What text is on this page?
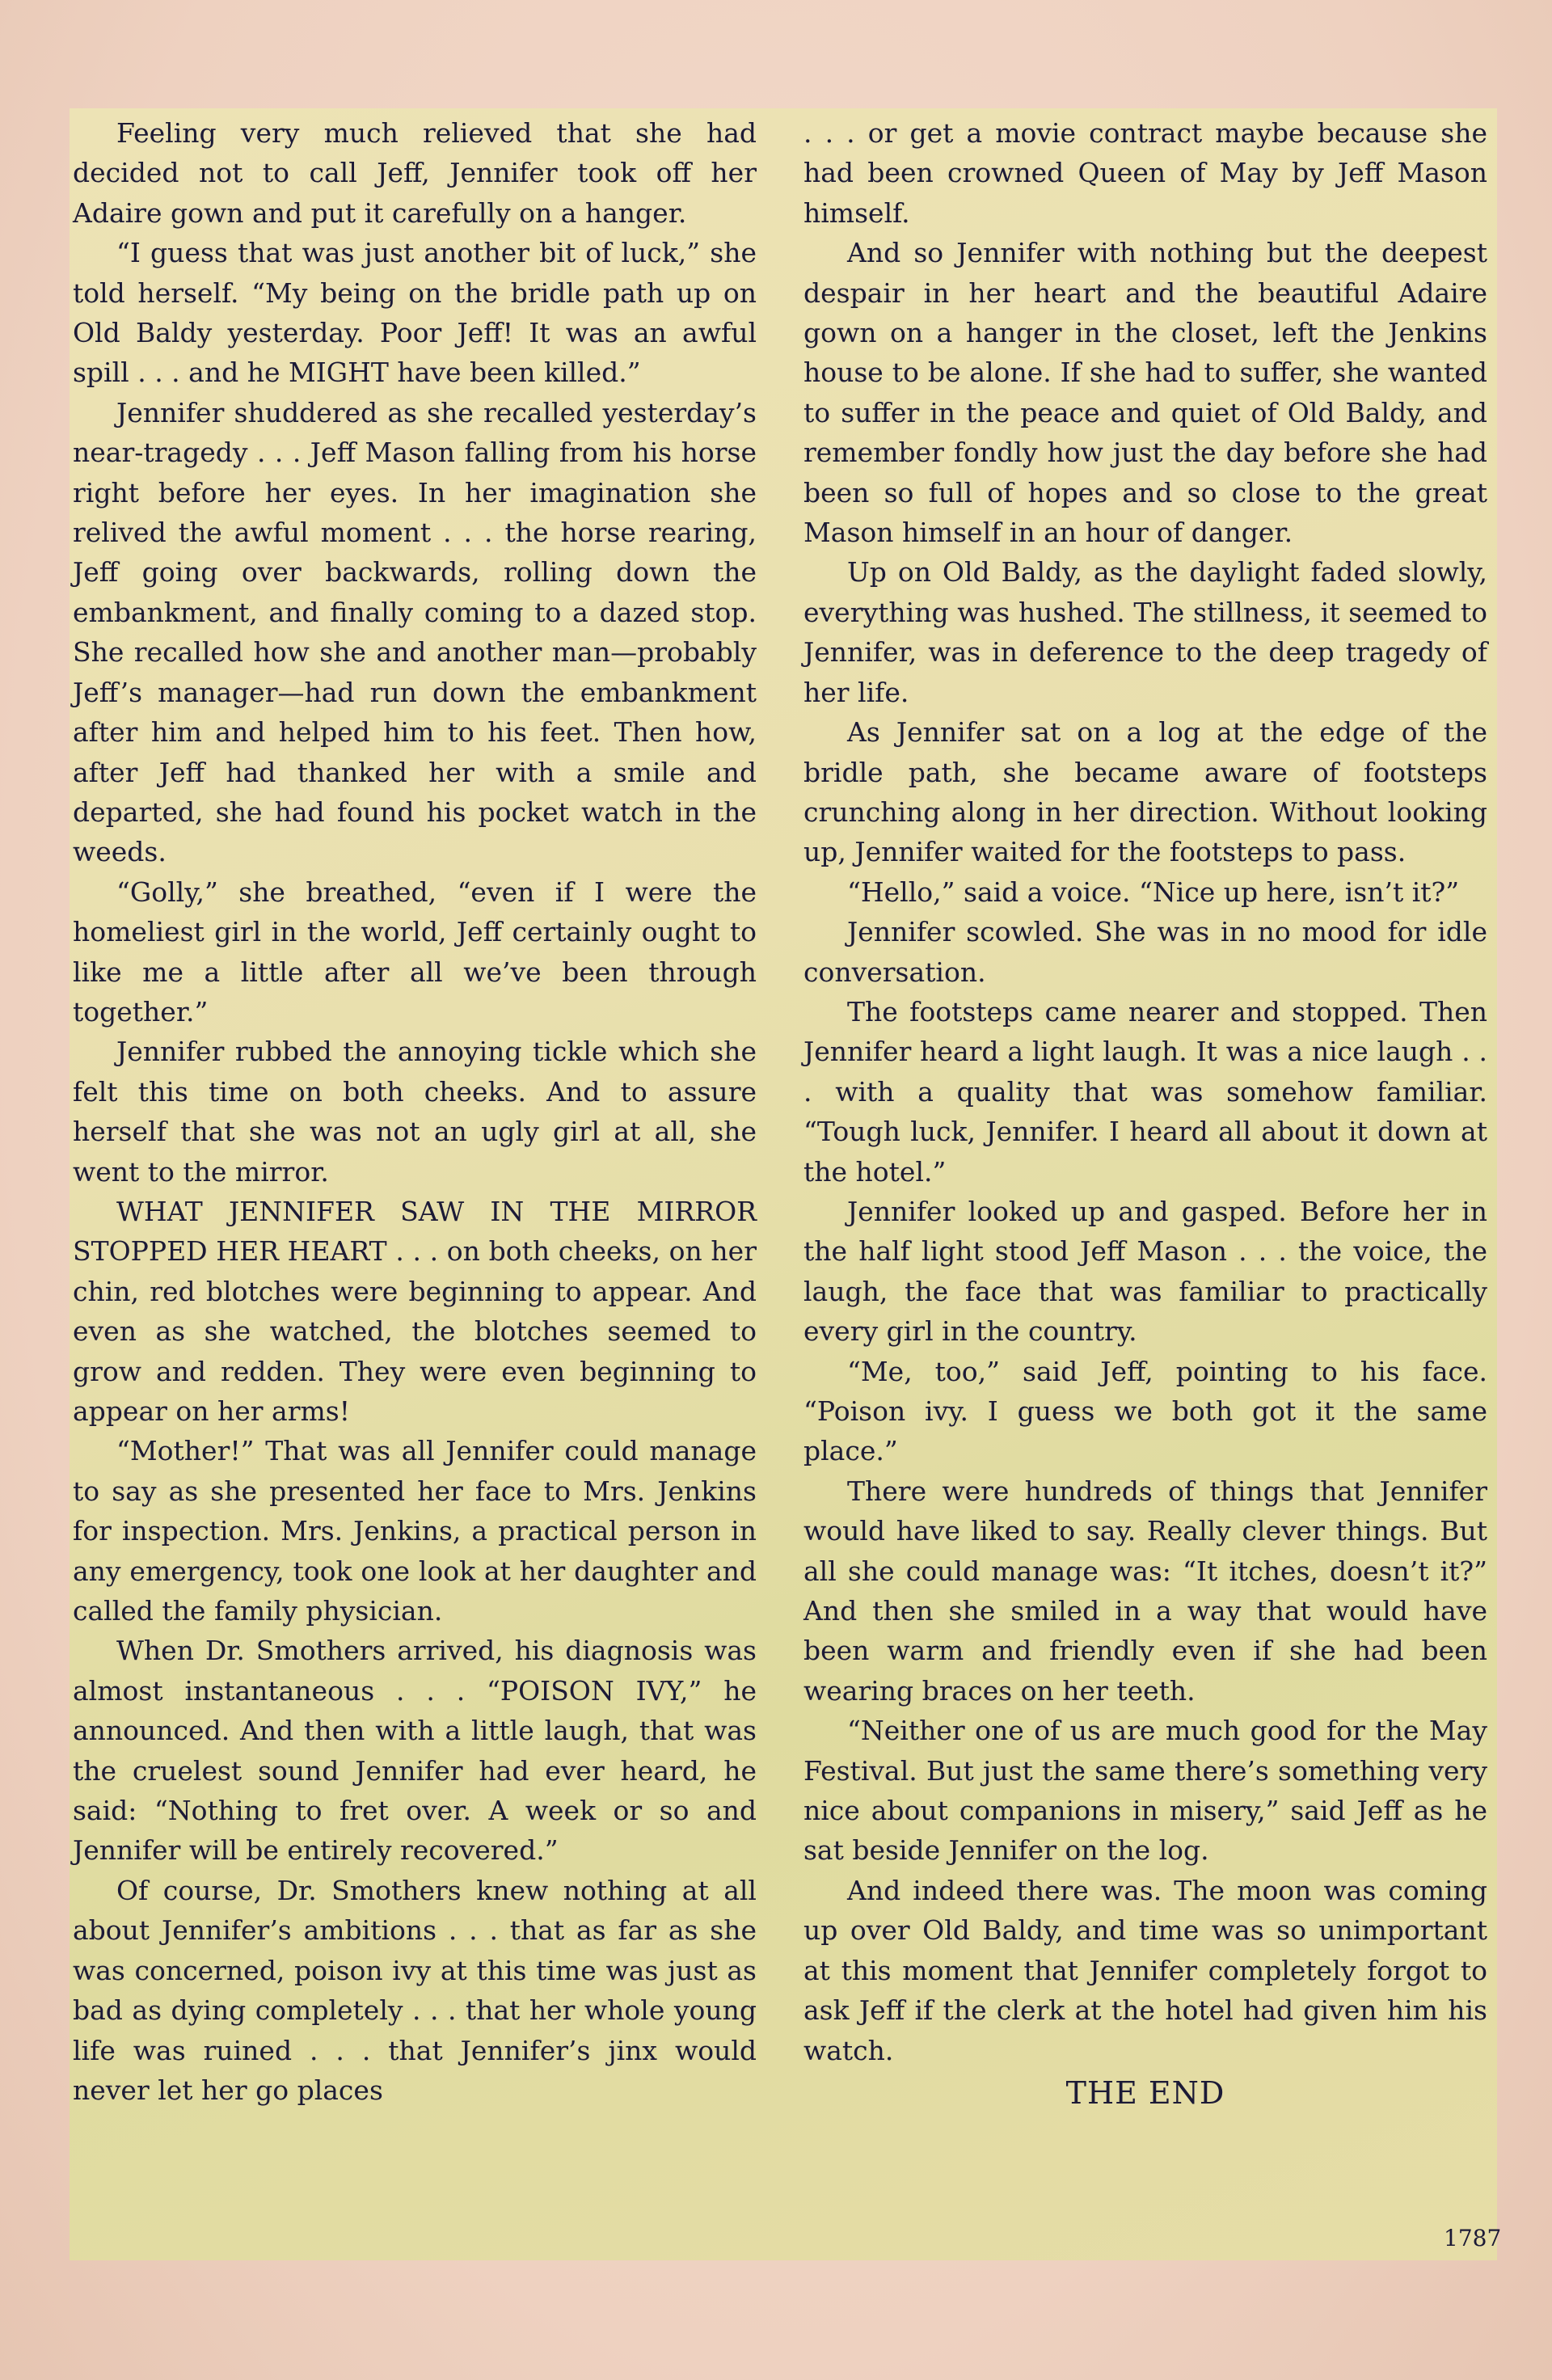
Feeling very much relieved that she had decided not to call Jeff, Jennifer took off her Adaire gown and put it carefully on a hanger.

“I guess that was just another bit of luck,” she told herself. “My being on the bridle path up on Old Baldy yesterday. Poor Jeff! It was an awful spill . . . and he MIGHT have been killed.”

Jennifer shuddered as she recalled yesterday’s near-tragedy . . . Jeff Mason falling from his horse right before her eyes. In her imagination she relived the awful moment . . . the horse rearing, Jeff going over backwards, rolling down the embankment, and finally coming to a dazed stop. She recalled how she and another man—probably Jeff’s manager—had run down the embankment after him and helped him to his feet. Then how, after Jeff had thanked her with a smile and departed, she had found his pocket watch in the weeds.

“Golly,” she breathed, “even if I were the homeliest girl in the world, Jeff certainly ought to like me a little after all we’ve been through together.”

Jennifer rubbed the annoying tickle which she felt this time on both cheeks. And to assure herself that she was not an ugly girl at all, she went to the mirror.

WHAT JENNIFER SAW IN THE MIRROR STOPPED HER HEART . . . on both cheeks, on her chin, red blotches were beginning to appear. And even as she watched, the blotches seemed to grow and redden. They were even beginning to appear on her arms!

“Mother!” That was all Jennifer could manage to say as she presented her face to Mrs. Jenkins for inspection. Mrs. Jenkins, a practical person in any emergency, took one look at her daughter and called the family physician.

When Dr. Smothers arrived, his diagnosis was almost instantaneous . . . “POISON IVY,” he announced. And then with a little laugh, that was the cruelest sound Jennifer had ever heard, he said: “Nothing to fret over. A week or so and Jennifer will be entirely recovered.”

Of course, Dr. Smothers knew nothing at all about Jennifer’s ambitions . . . that as far as she was concerned, poison ivy at this time was just as bad as dying completely . . . that her whole young life was ruined . . . that Jennifer’s jinx would never let her go places

. . . or get a movie contract maybe because she had been crowned Queen of May by Jeff Mason himself.

And so Jennifer with nothing but the deepest despair in her heart and the beautiful Adaire gown on a hanger in the closet, left the Jenkins house to be alone. If she had to suffer, she wanted to suffer in the peace and quiet of Old Baldy, and remember fondly how just the day before she had been so full of hopes and so close to the great Mason himself in an hour of danger.

Up on Old Baldy, as the daylight faded slowly, everything was hushed. The stillness, it seemed to Jennifer, was in deference to the deep tragedy of her life.

As Jennifer sat on a log at the edge of the bridle path, she became aware of footsteps crunching along in her direction. Without looking up, Jennifer waited for the footsteps to pass.

“Hello,” said a voice. “Nice up here, isn’t it?”

Jennifer scowled. She was in no mood for idle conversation.

The footsteps came nearer and stopped. Then Jennifer heard a light laugh. It was a nice laugh . . . with a quality that was somehow familiar. “Tough luck, Jennifer. I heard all about it down at the hotel.”

Jennifer looked up and gasped. Before her in the half light stood Jeff Mason . . . the voice, the laugh, the face that was familiar to practically every girl in the country.

“Me, too,” said Jeff, pointing to his face. “Poison ivy. I guess we both got it the same place.”

There were hundreds of things that Jennifer would have liked to say. Really clever things. But all she could manage was: “It itches, doesn’t it?” And then she smiled in a way that would have been warm and friendly even if she had been wearing braces on her teeth.

“Neither one of us are much good for the May Festival. But just the same there’s something very nice about companions in misery,” said Jeff as he sat beside Jennifer on the log.

And indeed there was. The moon was coming up over Old Baldy, and time was so unimportant at this moment that Jennifer completely forgot to ask Jeff if the clerk at the hotel had given him his watch.

THE END

1787
